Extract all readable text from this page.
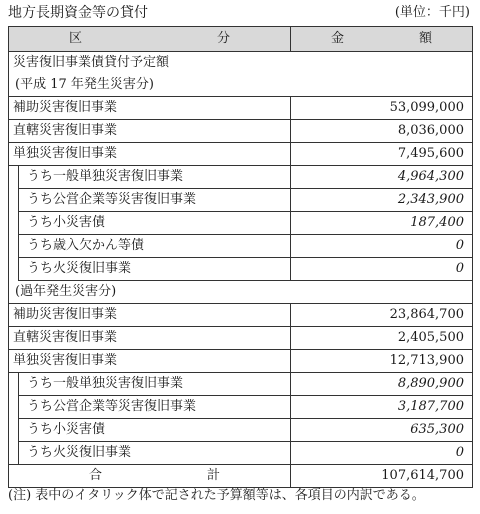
地方長期資金等の貸付	(単位：千円)
区 分		金 額

災害復旧事業債貸付予定額		
(平成 17 年発生災害分)		
補助災害復旧事業		53,099,000
直轄災害復旧事業		8,036,000
単独災害復旧事業		7,495,600
	うち一般単独災害復旧事業	4,964,300
	うち公営企業等災害復旧事業	2,343,900
	うち小災害債	187,400
	うち歳入欠かん等債	0
	うち火災復旧事業	0
(過年発生災害分)		
補助災害復旧事業		23,864,700
直轄災害復旧事業		2,405,500
単独災害復旧事業		12,713,900
	うち一般単独災害復旧事業	8,890,900
	うち公営企業等災害復旧事業	3,187,700
	うち小災害債	635,300
	うち火災復旧事業	0

合 計		107,614,700
(注) 表中のイタリック体で記された予算額等は、各項目の内訳である。
